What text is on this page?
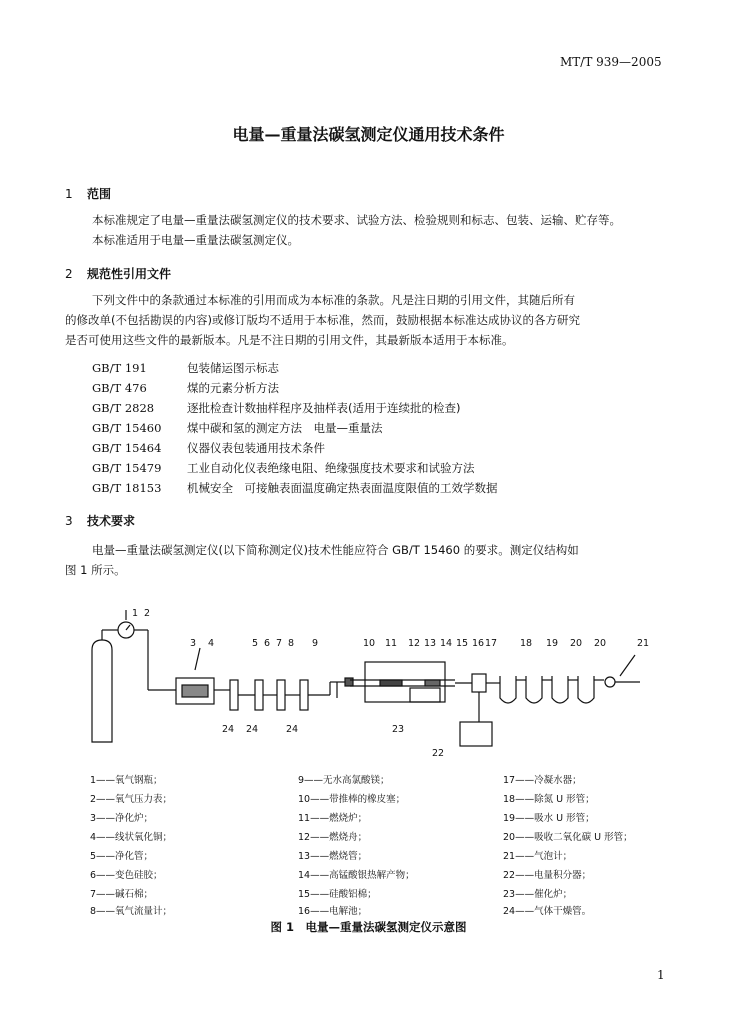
MT/T 939—2005
电量—重量法碳氢测定仪通用技术条件
1 范围
本标准规定了电量—重量法碳氢测定仪的技术要求、试验方法、检验规则和标志、包装、运输、贮存等。
本标准适用于电量—重量法碳氢测定仪。
2 规范性引用文件
下列文件中的条款通过本标准的引用而成为本标准的条款。凡是注日期的引用文件，其随后所有
的修改单(不包括勘误的内容)或修订版均不适用于本标准，然而，鼓励根据本标准达成协议的各方研究
是否可使用这些文件的最新版本。凡是不注日期的引用文件，其最新版本适用于本标准。
GB/T 191	包装储运图示标志
GB/T 476	煤的元素分析方法
GB/T 2828	逐批检查计数抽样程序及抽样表(适用于连续批的检查)
GB/T 15460 煤中碳和氢的测定方法　电量—重量法
GB/T 15464 仪器仪表包装通用技术条件
GB/T 15479 工业自动化仪表绝缘电阻、绝缘强度技术要求和试验方法
GB/T 18153 机械安全　可接触表面温度确定热表面温度限值的工效学数据
3 技术要求
电量—重量法碳氢测定仪(以下简称测定仪)技术性能应符合 GB/T 15460 的要求。测定仪结构如
图 1 所示。
1 2
3 4	5 6 7 8 9	10 11 12 13 14 15 16 17 18 19 20 20	21
24 24	24	23
22
1——氧气钢瓶；	9——无水高氯酸镁；	17——冷凝水器；
2——氧气压力表；	10——带推棒的橡皮塞；	18——除氮 U 形管；
3——净化炉；	11——燃烧炉；	19——吸水 U 形管；
4——线状氧化铜；	12——燃烧舟；	20——吸收二氧化碳 U 形管；
5——净化管；	13——燃烧管；	21——气泡计；
6——变色硅胶；	14——高锰酸银热解产物；	22——电量积分器；
7——碱石棉；	15——硅酸铝棉；	23——催化炉；
8——氧气流量计；	16——电解池；	24——气体干燥管。
图 1　电量—重量法碳氢测定仪示意图
1
